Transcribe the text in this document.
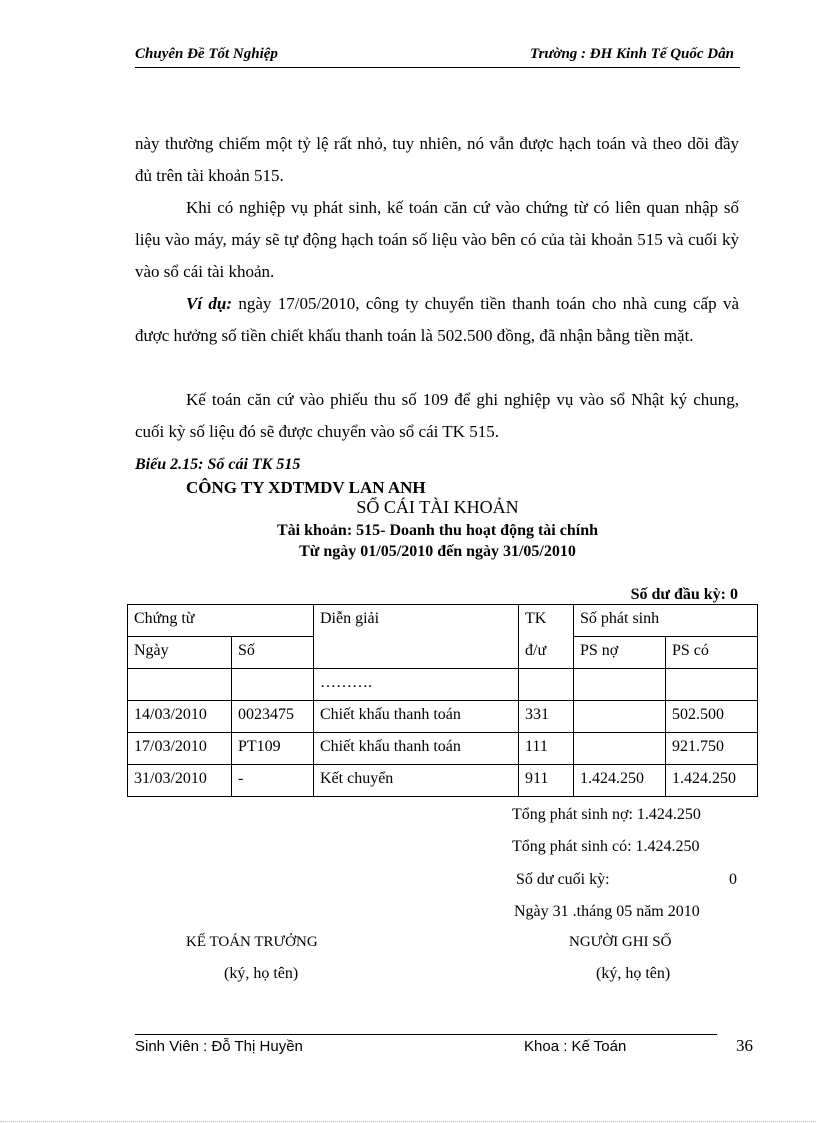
Chuyên Đề Tốt Nghiệp	Trường : ĐH Kinh Tế Quốc Dân
này thường chiếm một tỷ lệ rất nhỏ, tuy nhiên, nó vẫn được hạch toán và theo dõi đầy đủ trên tài khoản 515.
Khi có nghiệp vụ phát sinh, kế toán căn cứ vào chứng từ có liên quan nhập số liệu vào máy, máy sẽ tự động hạch toán số liệu vào bên có của tài khoản 515 và cuối kỳ vào sổ cái tài khoản.
Ví dụ: ngày 17/05/2010, công ty chuyển tiền thanh toán cho nhà cung cấp và được hưởng số tiền chiết khấu thanh toán là 502.500 đồng, đã nhận bằng tiền mặt.
Kế toán căn cứ vào phiếu thu số 109 để ghi nghiệp vụ vào sổ Nhật ký chung, cuối kỳ số liệu đó sẽ được chuyển vào sổ cái TK 515.
Biểu 2.15: Sổ cái TK 515
CÔNG TY XDTMDV LAN ANH
SỔ CÁI TÀI KHOẢN
Tài khoản: 515- Doanh thu hoạt động tài chính
Từ ngày 01/05/2010 đến ngày 31/05/2010
Số dư đầu kỳ: 0
Chứng từ		Diễn giải	TK	Số phát sinh	
Ngày	Số		đ/ư	PS nợ	PS có
		……….			
14/03/2010	0023475	Chiết khấu thanh toán	331		502.500
17/03/2010	PT109	Chiết khấu thanh toán	111		921.750
31/03/2010	-	Kết chuyển	911	1.424.250	1.424.250
Tổng phát sinh nợ: 1.424.250
Tổng phát sinh có: 1.424.250
Số dư cuối kỳ:	0
Ngày 31 .tháng 05 năm 2010
KẾ TOÁN TRƯỞNG
(ký, họ tên)
NGƯỜI GHI SỐ
(ký, họ tên)
Sinh Viên : Đỗ Thị Huyền	Khoa : Kế Toán	36
